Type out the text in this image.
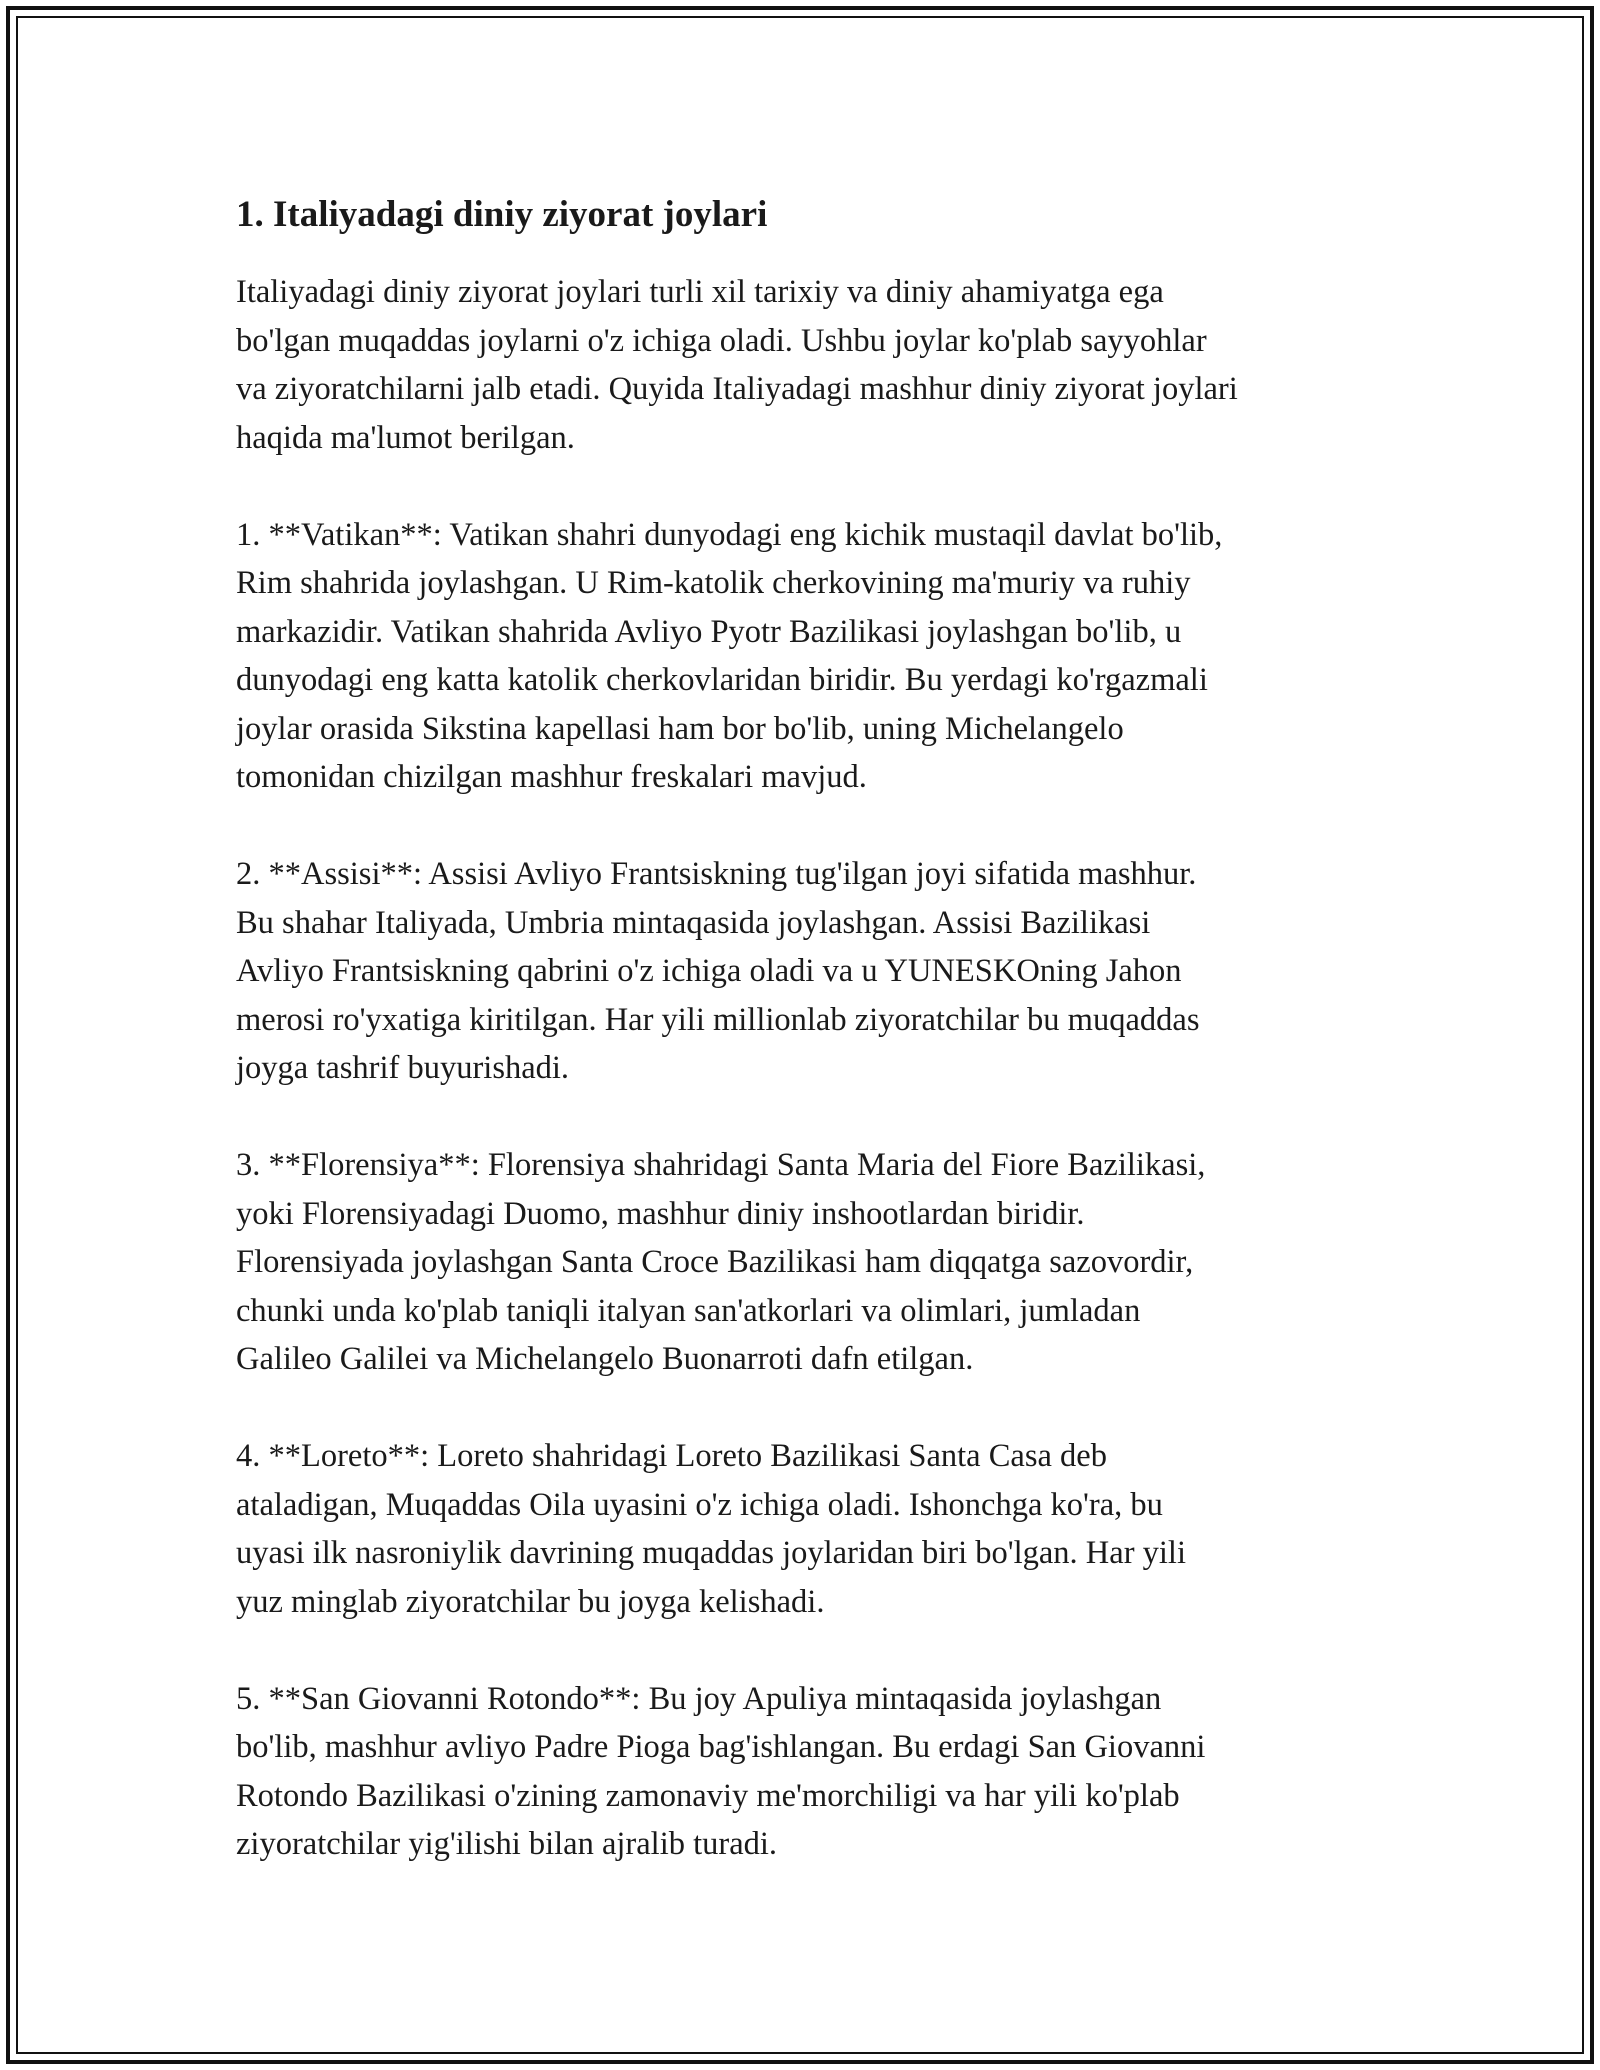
1. Italiyadagi diniy ziyorat joylari

Italiyadagi diniy ziyorat joylari turli xil tarixiy va diniy ahamiyatga ega
bo'lgan muqaddas joylarni o'z ichiga oladi. Ushbu joylar ko'plab sayyohlar
va ziyoratchilarni jalb etadi. Quyida Italiyadagi mashhur diniy ziyorat joylari
haqida ma'lumot berilgan.

1. **Vatikan**: Vatikan shahri dunyodagi eng kichik mustaqil davlat bo'lib,
Rim shahrida joylashgan. U Rim-katolik cherkovining ma'muriy va ruhiy
markazidir. Vatikan shahrida Avliyo Pyotr Bazilikasi joylashgan bo'lib, u
dunyodagi eng katta katolik cherkovlaridan biridir. Bu yerdagi ko'rgazmali
joylar orasida Sikstina kapellasi ham bor bo'lib, uning Michelangelo
tomonidan chizilgan mashhur freskalari mavjud.

2. **Assisi**: Assisi Avliyo Frantsiskning tug'ilgan joyi sifatida mashhur.
Bu shahar Italiyada, Umbria mintaqasida joylashgan. Assisi Bazilikasi
Avliyo Frantsiskning qabrini o'z ichiga oladi va u YUNESKOning Jahon
merosi ro'yxatiga kiritilgan. Har yili millionlab ziyoratchilar bu muqaddas
joyga tashrif buyurishadi.

3. **Florensiya**: Florensiya shahridagi Santa Maria del Fiore Bazilikasi,
yoki Florensiyadagi Duomo, mashhur diniy inshootlardan biridir.
Florensiyada joylashgan Santa Croce Bazilikasi ham diqqatga sazovordir,
chunki unda ko'plab taniqli italyan san'atkorlari va olimlari, jumladan
Galileo Galilei va Michelangelo Buonarroti dafn etilgan.

4. **Loreto**: Loreto shahridagi Loreto Bazilikasi Santa Casa deb
ataladigan, Muqaddas Oila uyasini o'z ichiga oladi. Ishonchga ko'ra, bu
uyasi ilk nasroniylik davrining muqaddas joylaridan biri bo'lgan. Har yili
yuz minglab ziyoratchilar bu joyga kelishadi.

5. **San Giovanni Rotondo**: Bu joy Apuliya mintaqasida joylashgan
bo'lib, mashhur avliyo Padre Pioga bag'ishlangan. Bu erdagi San Giovanni
Rotondo Bazilikasi o'zining zamonaviy me'morchiligi va har yili ko'plab
ziyoratchilar yig'ilishi bilan ajralib turadi.
